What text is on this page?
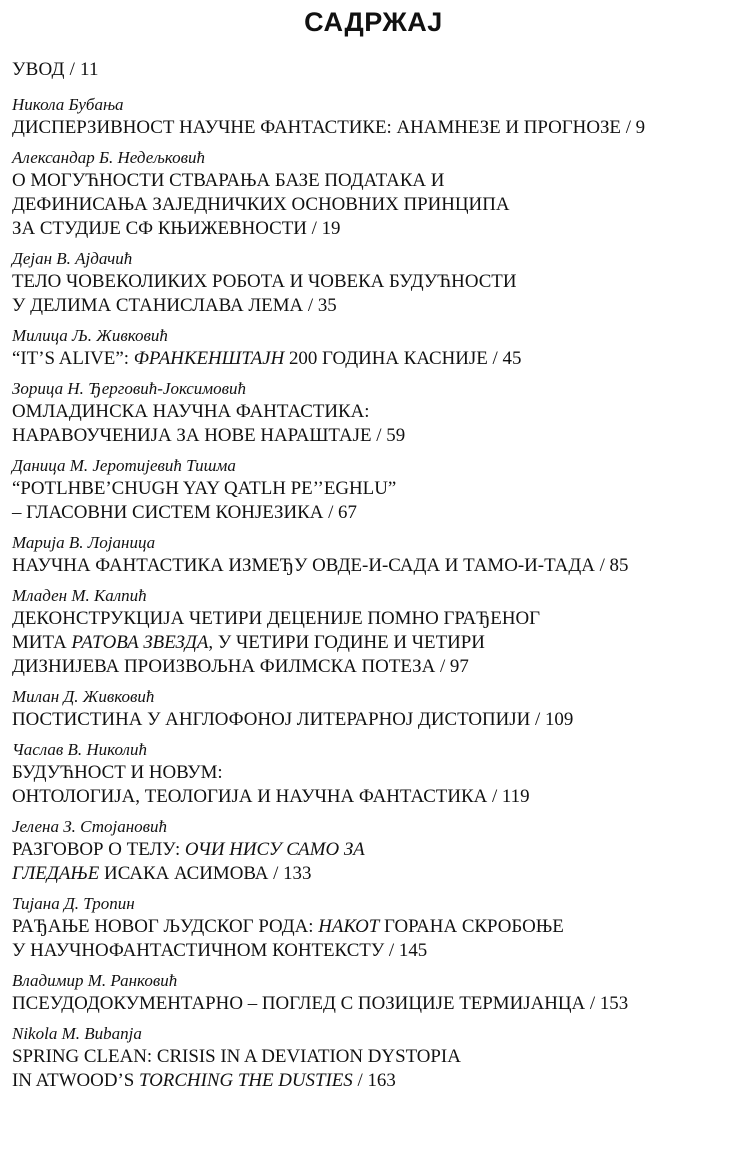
САДРЖАЈ
УВОД / 11
Никола Бубања
ДИСПЕРЗИВНОСТ НАУЧНЕ ФАНТАСТИКЕ: АНАМНЕЗЕ И ПРОГНОЗЕ / 9
Александар Б. Недељковић
О МОГУЋНОСТИ СТВАРАЊА БАЗЕ ПОДАТАКА И
ДЕФИНИСАЊА ЗАЈЕДНИЧКИХ ОСНОВНИХ ПРИНЦИПА
ЗА СТУДИЈЕ СФ КЊИЖЕВНОСТИ / 19
Дејан В. Ајдачић
ТЕЛО ЧОВЕКОЛИКИХ РОБОТА И ЧОВЕКА БУДУЋНОСТИ
У ДЕЛИМА СТАНИСЛАВА ЛЕМА / 35
Милица Љ. Живковић
“IT’S ALIVE”: ФРАНКЕНШТАЈН 200 ГОДИНА КАСНИЈЕ / 45
Зорица Н. Ђерговић-Јоксимовић
ОМЛАДИНСКА НАУЧНА ФАНТАСТИКА:
НАРАВОУЧЕНИЈА ЗА НОВЕ НАРАШТАЈЕ / 59
Даница М. Јеротијевић Тишма
“POTLHBE’CHUGH YAY QATLH PE’’EGHLU”
– ГЛАСОВНИ СИСТЕМ КОНЈЕЗИКА / 67
Марија В. Лојаница
НАУЧНА ФАНТАСТИКА ИЗМЕЂУ ОВДЕ-И-САДА И ТАМО-И-ТАДА / 85
Младен М. Калпић
ДЕКОНСТРУКЦИЈА ЧЕТИРИ ДЕЦЕНИЈЕ ПОМНО ГРАЂЕНОГ
МИТА РАТОВА ЗВЕЗДА, У ЧЕТИРИ ГОДИНЕ И ЧЕТИРИ
ДИЗНИЈЕВА ПРОИЗВОЉНА ФИЛМСКА ПОТЕЗА / 97
Милан Д. Живковић
ПОСТИСТИНА У АНГЛОФОНОЈ ЛИТЕРАРНОЈ ДИСТОПИЈИ / 109
Часлав В. Николић
БУДУЋНОСТ И НОВУМ:
ОНТОЛОГИЈА, ТЕОЛОГИЈА И НАУЧНА ФАНТАСТИКА / 119
Јелена З. Стојановић
РАЗГОВОР О ТЕЛУ: ОЧИ НИСУ САМО ЗА
ГЛЕДАЊЕ ИСАКА АСИМОВА / 133
Тијана Д. Тропин
РАЂАЊЕ НОВОГ ЉУДСКОГ РОДА: НАКОТ ГОРАНА СКРОБОЊЕ
У НАУЧНОФАНТАСТИЧНОМ КОНТЕКСТУ / 145
Владимир М. Ранковић
ПСЕУДОДОКУМЕНТАРНО – ПОГЛЕД С ПОЗИЦИЈЕ ТЕРМИЈАНЦА / 153
Nikola M. Bubanja
SPRING CLEAN: CRISIS IN A DEVIATION DYSTOPIA
IN ATWOOD’S TORCHING THE DUSTIES / 163
